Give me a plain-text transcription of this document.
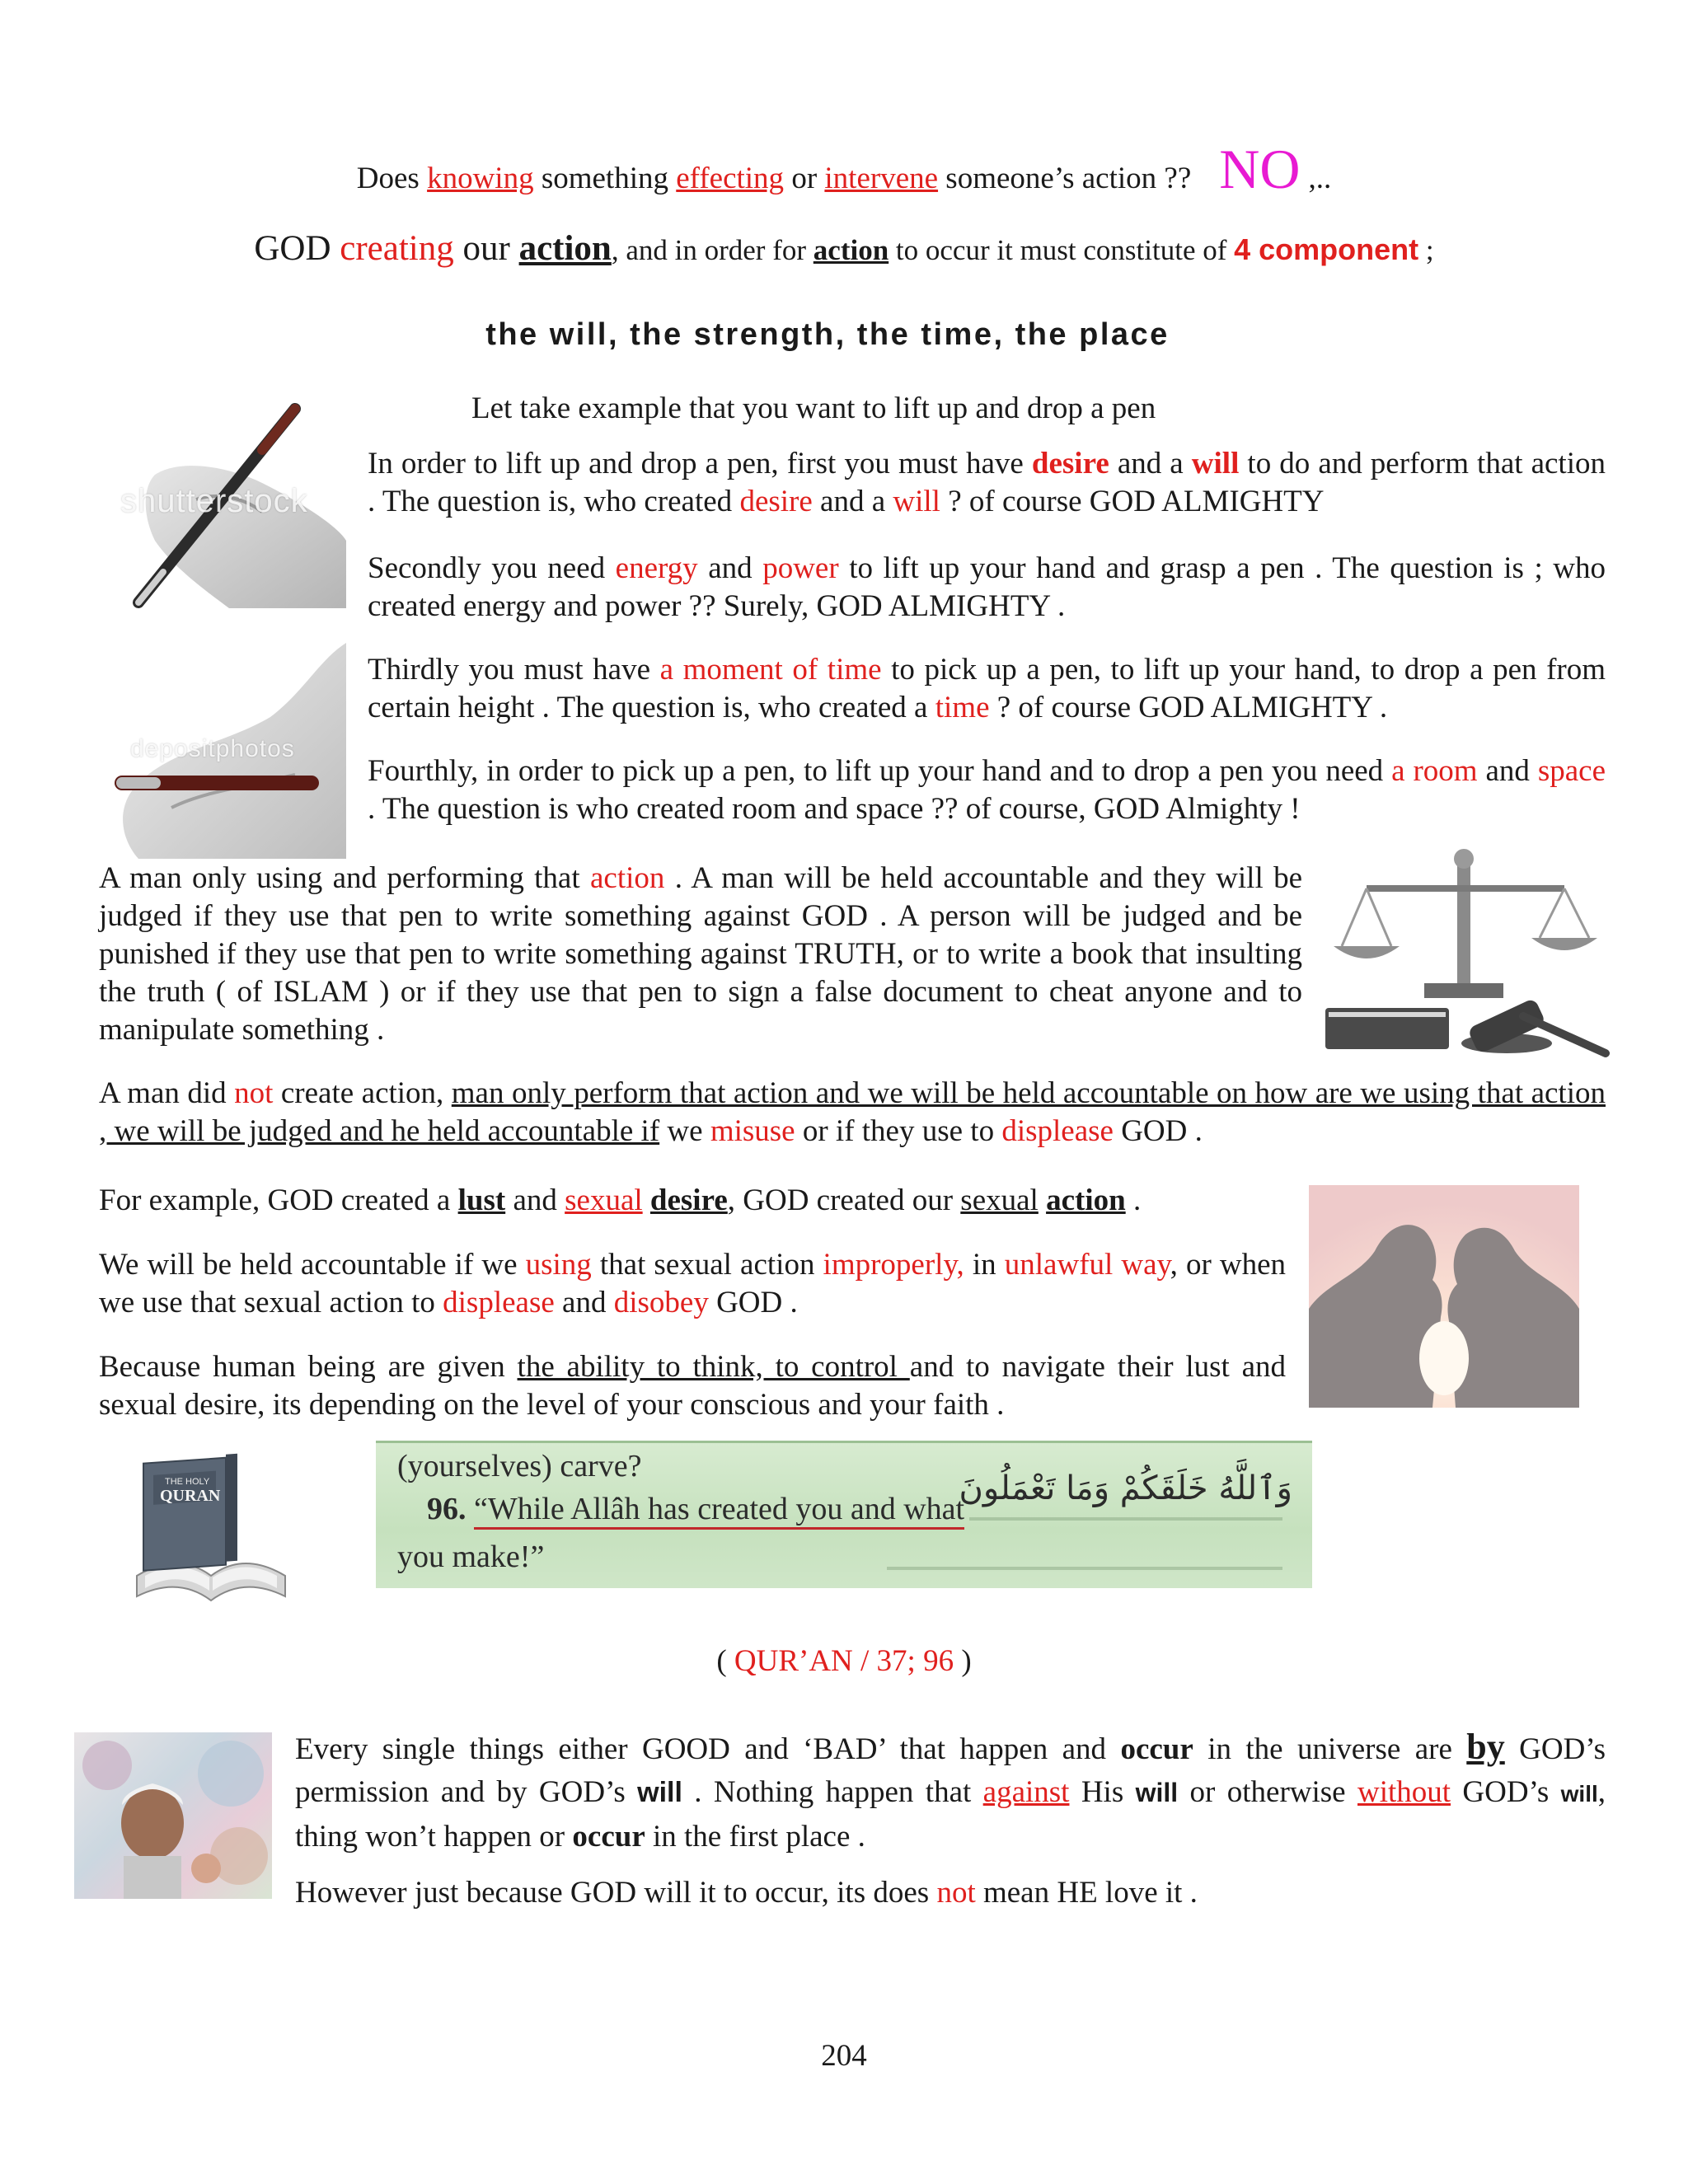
Does knowing something effecting or intervene someone’s action ?? NO ,..
GOD creating our action, and in order for action to occur it must constitute of 4 component ;
the will, the strength, the time, the place
Let take example that you want to lift up and drop a pen
shutterstock
depositphotos

In order to lift up and drop a pen, first you must have desire and a will to do and perform that action . The question is, who created desire and a will ? of course GOD ALMIGHTY

Secondly you need energy and power to lift up your hand and grasp a pen . The question is ; who created energy and power ?? Surely, GOD ALMIGHTY .

Thirdly you must have a moment of time to pick up a pen, to lift up your hand, to drop a pen from certain height . The question is, who created a time ? of course GOD ALMIGHTY .

Fourthly, in order to pick up a pen, to lift up your hand and to drop a pen you need a room and space . The question is who created room and space ?? of course, GOD Almighty !

A man only using and performing that action . A man will be held accountable and they will be judged if they use that pen to write something against GOD . A person will be judged and be punished if they use that pen to write something against TRUTH, or to write a book that insulting the truth ( of ISLAM ) or if they use that pen to sign a false document to cheat anyone and to manipulate something .

A man did not create action, man only perform that action and we will be held accountable on how are we using that action , we will be judged and he held accountable if we misuse or if they use to displease GOD .

For example, GOD created a lust and sexual desire, GOD created our sexual action .

We will be held accountable if we using that sexual action improperly, in unlawful way, or when we use that sexual action to displease and disobey GOD .

Because human being are given the ability to think, to control and to navigate their lust and sexual desire, its depending on the level of your conscious and your faith .

THE HOLY
QURAN
(yourselves) carve?
96. “While Allâh has created you and what
you make!”
وَٱللَّهُ خَلَقَكُمْ وَمَا تَعْمَلُونَ
( QUR’AN / 37; 96 )

Every single things either GOOD and ‘BAD’ that happen and occur in the universe are by GOD’s permission and by GOD’s will . Nothing happen that against His will or otherwise without GOD’s will, thing won’t happen or occur in the first place .

However just because GOD will it to occur, its does not mean HE love it .

204
